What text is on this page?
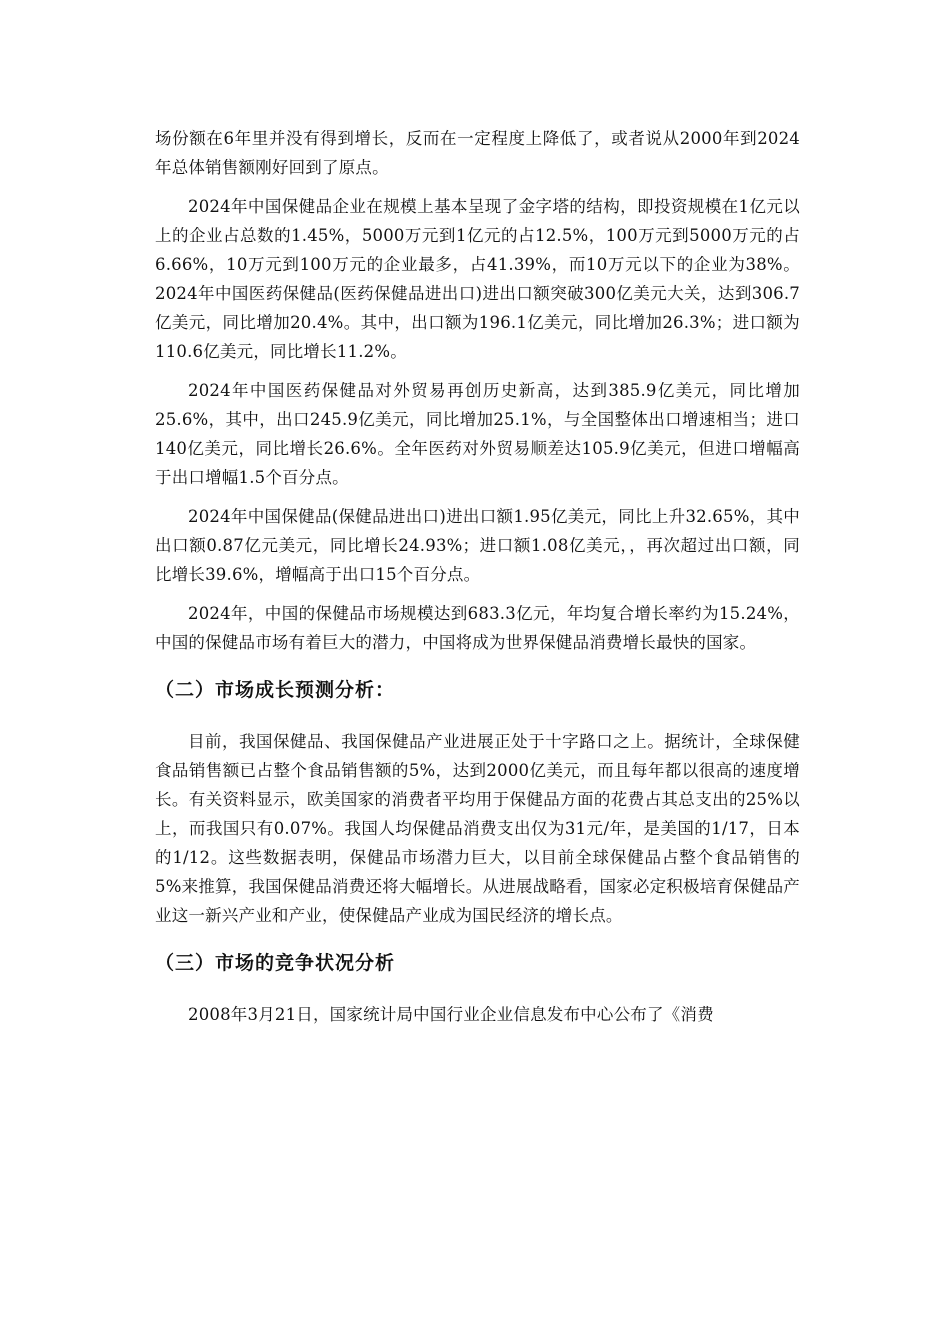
场份额在6年里并没有得到增长，反而在一定程度上降低了，或者说从2000年到2024年总体销售额刚好回到了原点。

2024年中国保健品企业在规模上基本呈现了金字塔的结构，即投资规模在1亿元以上的企业占总数的1.45%，5000万元到1亿元的占12.5%，100万元到5000万元的占6.66%，10万元到100万元的企业最多，占41.39%，而10万元以下的企业为38%。2024年中国医药保健品(医药保健品进出口)进出口额突破300亿美元大关，达到306.7亿美元，同比增加20.4%。其中，出口额为196.1亿美元，同比增加26.3%；进口额为110.6亿美元，同比增长11.2%。

2024年中国医药保健品对外贸易再创历史新高，达到385.9亿美元，同比增加25.6%，其中，出口245.9亿美元，同比增加25.1%，与全国整体出口增速相当；进口140亿美元，同比增长26.6%。全年医药对外贸易顺差达105.9亿美元，但进口增幅高于出口增幅1.5个百分点。

2024年中国保健品(保健品进出口)进出口额1.95亿美元，同比上升32.65%，其中出口额0.87亿元美元，同比增长24.93%；进口额1.08亿美元，，再次超过出口额，同比增长39.6%，增幅高于出口15个百分点。

2024年，中国的保健品市场规模达到683.3亿元，年均复合增长率约为15.24%，中国的保健品市场有着巨大的潜力，中国将成为世界保健品消费增长最快的国家。

（二）市场成长预测分析：

目前，我国保健品、我国保健品产业进展正处于十字路口之上。据统计，全球保健食品销售额已占整个食品销售额的5%，达到2000亿美元，而且每年都以很高的速度增长。有关资料显示，欧美国家的消费者平均用于保健品方面的花费占其总支出的25%以上，而我国只有0.07%。我国人均保健品消费支出仅为31元/年，是美国的1/17，日本的1/12。这些数据表明，保健品市场潜力巨大，以目前全球保健品占整个食品销售的5%来推算，我国保健品消费还将大幅增长。从进展战略看，国家必定积极培育保健品产业这一新兴产业和产业，使保健品产业成为国民经济的增长点。

（三）市场的竞争状况分析

2008年3月21日，国家统计局中国行业企业信息发布中心公布了《消费
